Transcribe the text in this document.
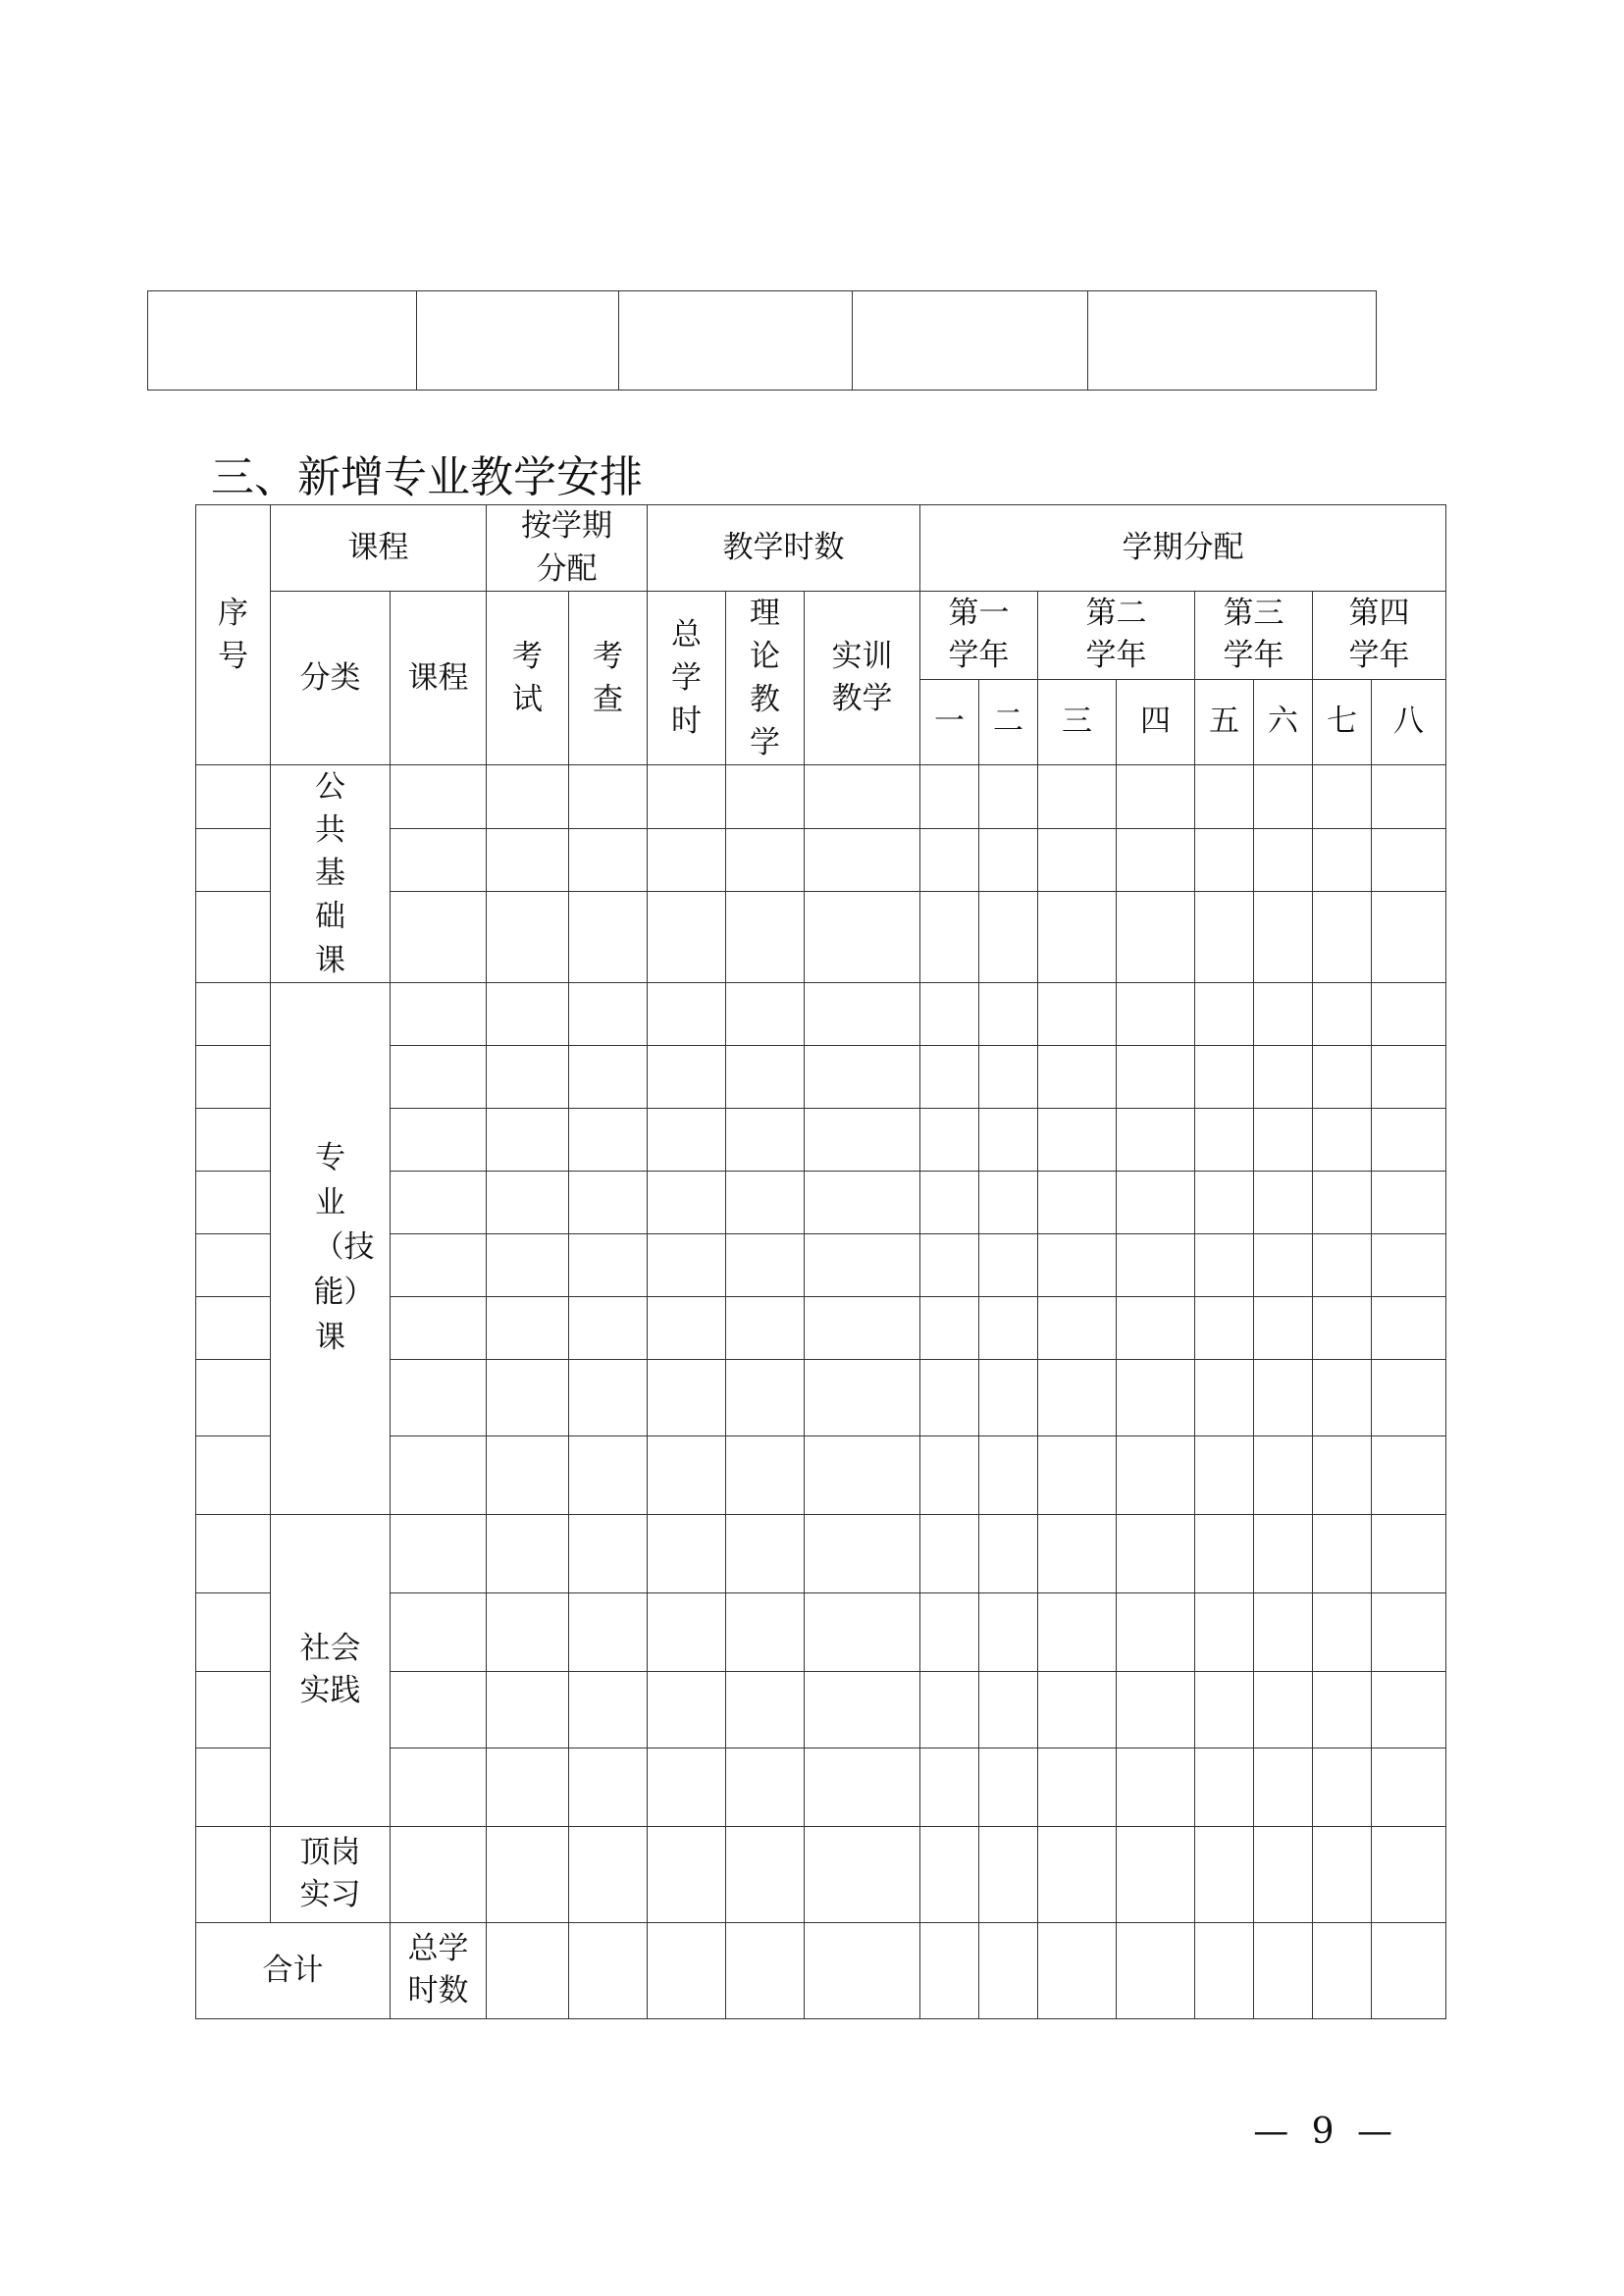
三、新增专业教学安排
序号	课程		按学期分配		教学时数			学期分配							
	分类	课程	考试	考查	总学时	理论教学	实训教学	第一学年		第二学年		第三学年		第四学年	
								一	二	三	四	五	六	七	八
	公共基础课														

	专业（技能）课														

	社会实践														

	顶岗实习														
合计		总学时数													
— 9 —
